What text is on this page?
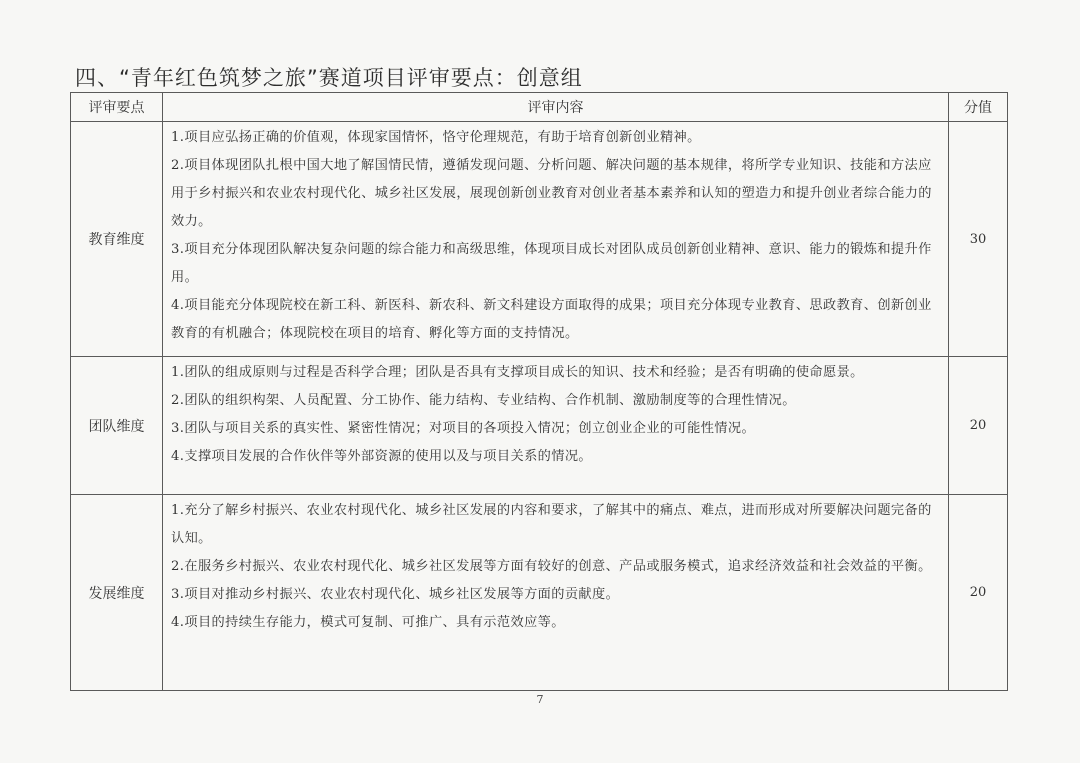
四、“青年红色筑梦之旅”赛道项目评审要点：创意组
评审要点	评审内容	分值
教育维度	1.项目应弘扬正确的价值观，体现家国情怀，恪守伦理规范，有助于培育创新创业精神。

2.项目体现团队扎根中国大地了解国情民情，遵循发现问题、分析问题、解决问题的基本规律，将所学专业知识、技能和方法应用于乡村振兴和农业农村现代化、城乡社区发展，展现创新创业教育对创业者基本素养和认知的塑造力和提升创业者综合能力的效力。

3.项目充分体现团队解决复杂问题的综合能力和高级思维，体现项目成长对团队成员创新创业精神、意识、能力的锻炼和提升作用。

4.项目能充分体现院校在新工科、新医科、新农科、新文科建设方面取得的成果；项目充分体现专业教育、思政教育、创新创业教育的有机融合；体现院校在项目的培育、孵化等方面的支持情况。	30
团队维度	1.团队的组成原则与过程是否科学合理；团队是否具有支撑项目成长的知识、技术和经验；是否有明确的使命愿景。

2.团队的组织构架、人员配置、分工协作、能力结构、专业结构、合作机制、激励制度等的合理性情况。

3.团队与项目关系的真实性、紧密性情况；对项目的各项投入情况；创立创业企业的可能性情况。

4.支撑项目发展的合作伙伴等外部资源的使用以及与项目关系的情况。	20
发展维度	1.充分了解乡村振兴、农业农村现代化、城乡社区发展的内容和要求，了解其中的痛点、难点，进而形成对所要解决问题完备的认知。

2.在服务乡村振兴、农业农村现代化、城乡社区发展等方面有较好的创意、产品或服务模式，追求经济效益和社会效益的平衡。

3.项目对推动乡村振兴、农业农村现代化、城乡社区发展等方面的贡献度。

4.项目的持续生存能力，模式可复制、可推广、具有示范效应等。	20
7
